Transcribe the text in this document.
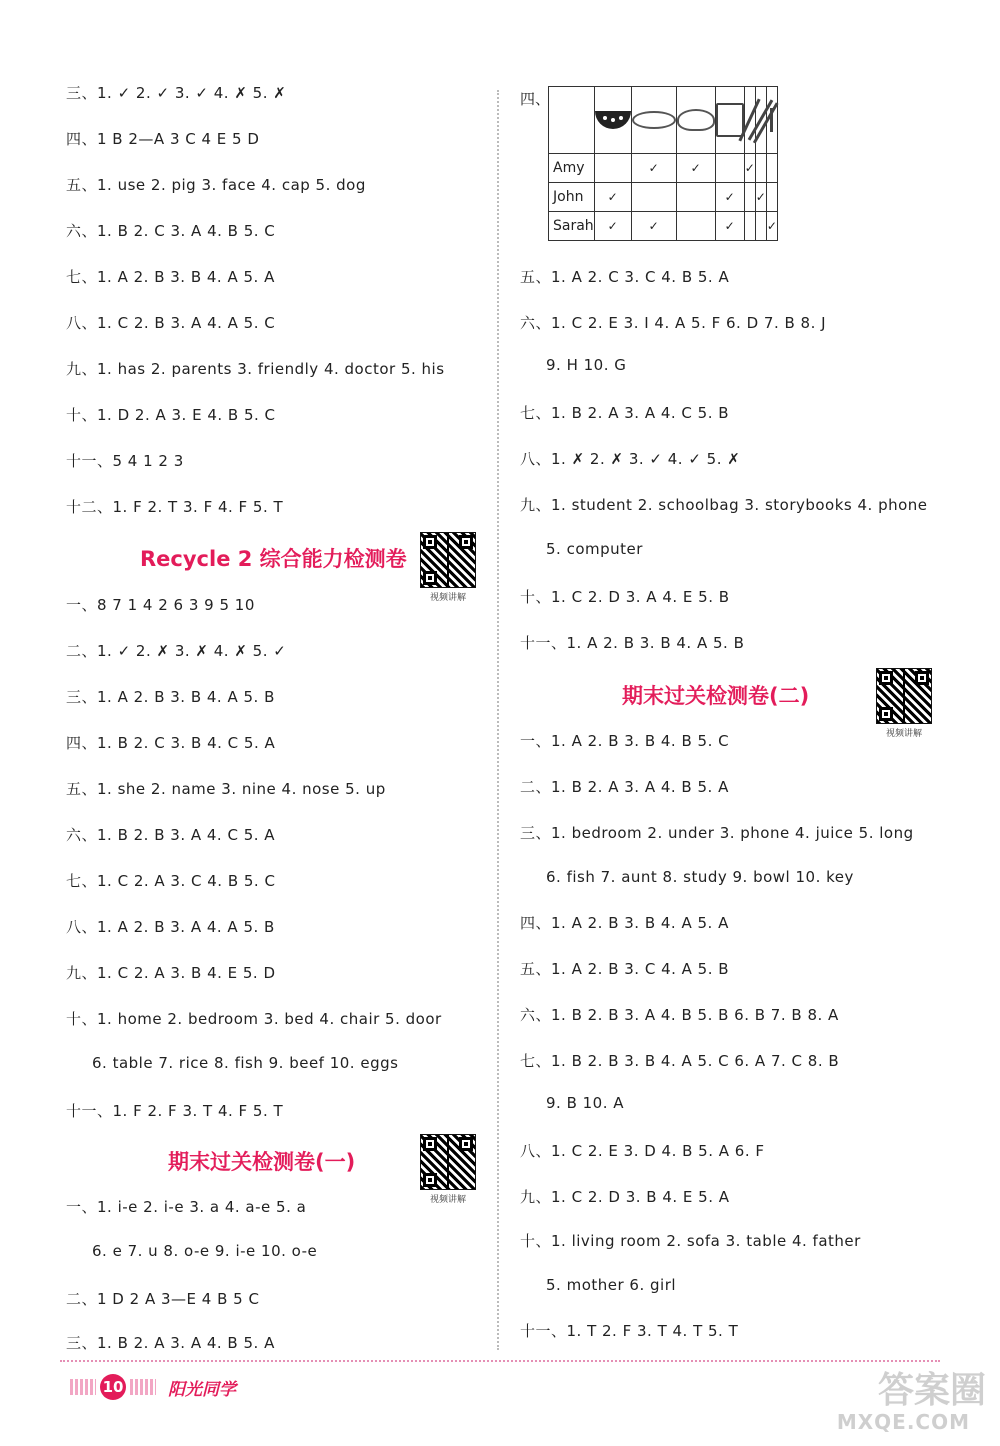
三、1. ✓ 2. ✓ 3. ✓ 4. ✗ 5. ✗
四、1 B 2—A 3 C 4 E 5 D
五、1. use 2. pig 3. face 4. cap 5. dog
六、1. B 2. C 3. A 4. B 5. C
七、1. A 2. B 3. B 4. A 5. A
八、1. C 2. B 3. A 4. A 5. C
九、1. has 2. parents 3. friendly 4. doctor 5. his
十、1. D 2. A 3. E 4. B 5. C
十一、5 4 1 2 3
十二、1. F 2. T 3. F 4. F 5. T
Recycle 2 综合能力检测卷
视频讲解
一、8 7 1 4 2 6 3 9 5 10
二、1. ✓ 2. ✗ 3. ✗ 4. ✗ 5. ✓
三、1. A 2. B 3. B 4. A 5. B
四、1. B 2. C 3. B 4. C 5. A
五、1. she 2. name 3. nine 4. nose 5. up
六、1. B 2. B 3. A 4. C 5. A
七、1. C 2. A 3. C 4. B 5. C
八、1. A 2. B 3. A 4. A 5. B
九、1. C 2. A 3. B 4. E 5. D
十、1. home 2. bedroom 3. bed 4. chair 5. door
6. table 7. rice 8. fish 9. beef 10. eggs
十一、1. F 2. F 3. T 4. F 5. T
期末过关检测卷(一)
视频讲解
一、1. i-e 2. i-e 3. a 4. a-e 5. a
6. e 7. u 8. o-e 9. i-e 10. o-e
二、1 D 2 A 3—E 4 B 5 C
三、1. B 2. A 3. A 4. B 5. A
四、

Amy		✓	✓		✓		
John	✓			✓		✓	
Sarah	✓	✓		✓			✓
五、1. A 2. C 3. C 4. B 5. A
六、1. C 2. E 3. I 4. A 5. F 6. D 7. B 8. J
9. H 10. G
七、1. B 2. A 3. A 4. C 5. B
八、1. ✗ 2. ✗ 3. ✓ 4. ✓ 5. ✗
九、1. student 2. schoolbag 3. storybooks 4. phone
5. computer
十、1. C 2. D 3. A 4. E 5. B
十一、1. A 2. B 3. B 4. A 5. B
期末过关检测卷(二)
视频讲解
一、1. A 2. B 3. B 4. B 5. C
二、1. B 2. A 3. A 4. B 5. A
三、1. bedroom 2. under 3. phone 4. juice 5. long
6. fish 7. aunt 8. study 9. bowl 10. key
四、1. A 2. B 3. B 4. A 5. A
五、1. A 2. B 3. C 4. A 5. B
六、1. B 2. B 3. A 4. B 5. B 6. B 7. B 8. A
七、1. B 2. B 3. B 4. A 5. C 6. A 7. C 8. B
9. B 10. A
八、1. C 2. E 3. D 4. B 5. A 6. F
九、1. C 2. D 3. B 4. E 5. A
十、1. living room 2. sofa 3. table 4. father
5. mother 6. girl
十一、1. T 2. F 3. T 4. T 5. T
10	阳光同学	答案圈
MXQE.COM
